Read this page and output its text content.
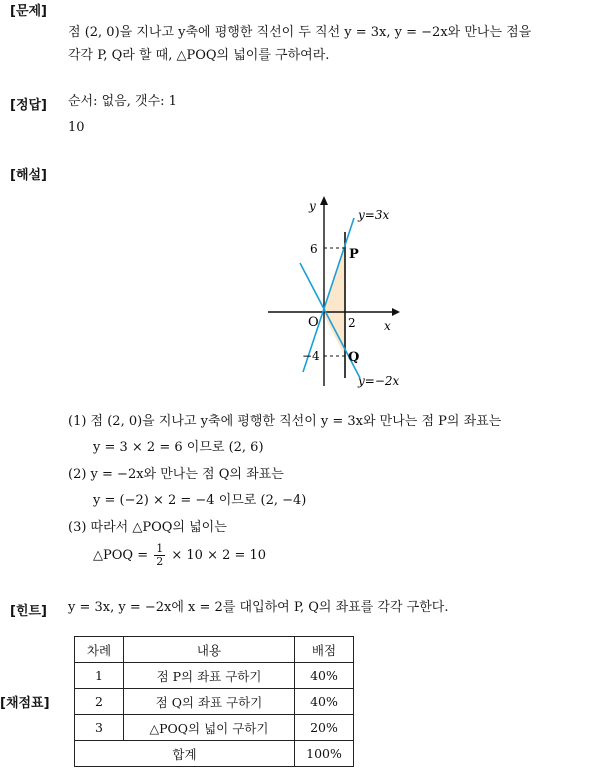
[문제]
점 (2, 0)을 지나고 y축에 평행한 직선이 두 직선 y = 3x, y = −2x와 만나는 점을
각각 P, Q라 할 때, △POQ의 넓이를 구하여라.
[정답] 순서: 없음, 갯수: 1
10
[해설]
y
x
O
6
−4
2
P
Q
y=3x
y=−2x
(1) 점 (2, 0)을 지나고 y축에 평행한 직선이 y = 3x와 만나는 점 P의 좌표는
y = 3 × 2 = 6 이므로 (2, 6)
(2) y = −2x와 만나는 점 Q의 좌표는
y = (−2) × 2 = −4 이므로 (2, −4)
(3) 따라서 △POQ의 넓이는
△POQ = $\frac{1}{2} \times 10 \times 2 = 10$
[힌트] y = 3x, y = −2x에 x = 2를 대입하여 P, Q의 좌표를 각각 구한다.
[채점표]
차례	내용	배점
1	점 P의 좌표 구하기	40%
2	점 Q의 좌표 구하기	40%
3	△POQ의 넓이 구하기	20%
합계		100%
